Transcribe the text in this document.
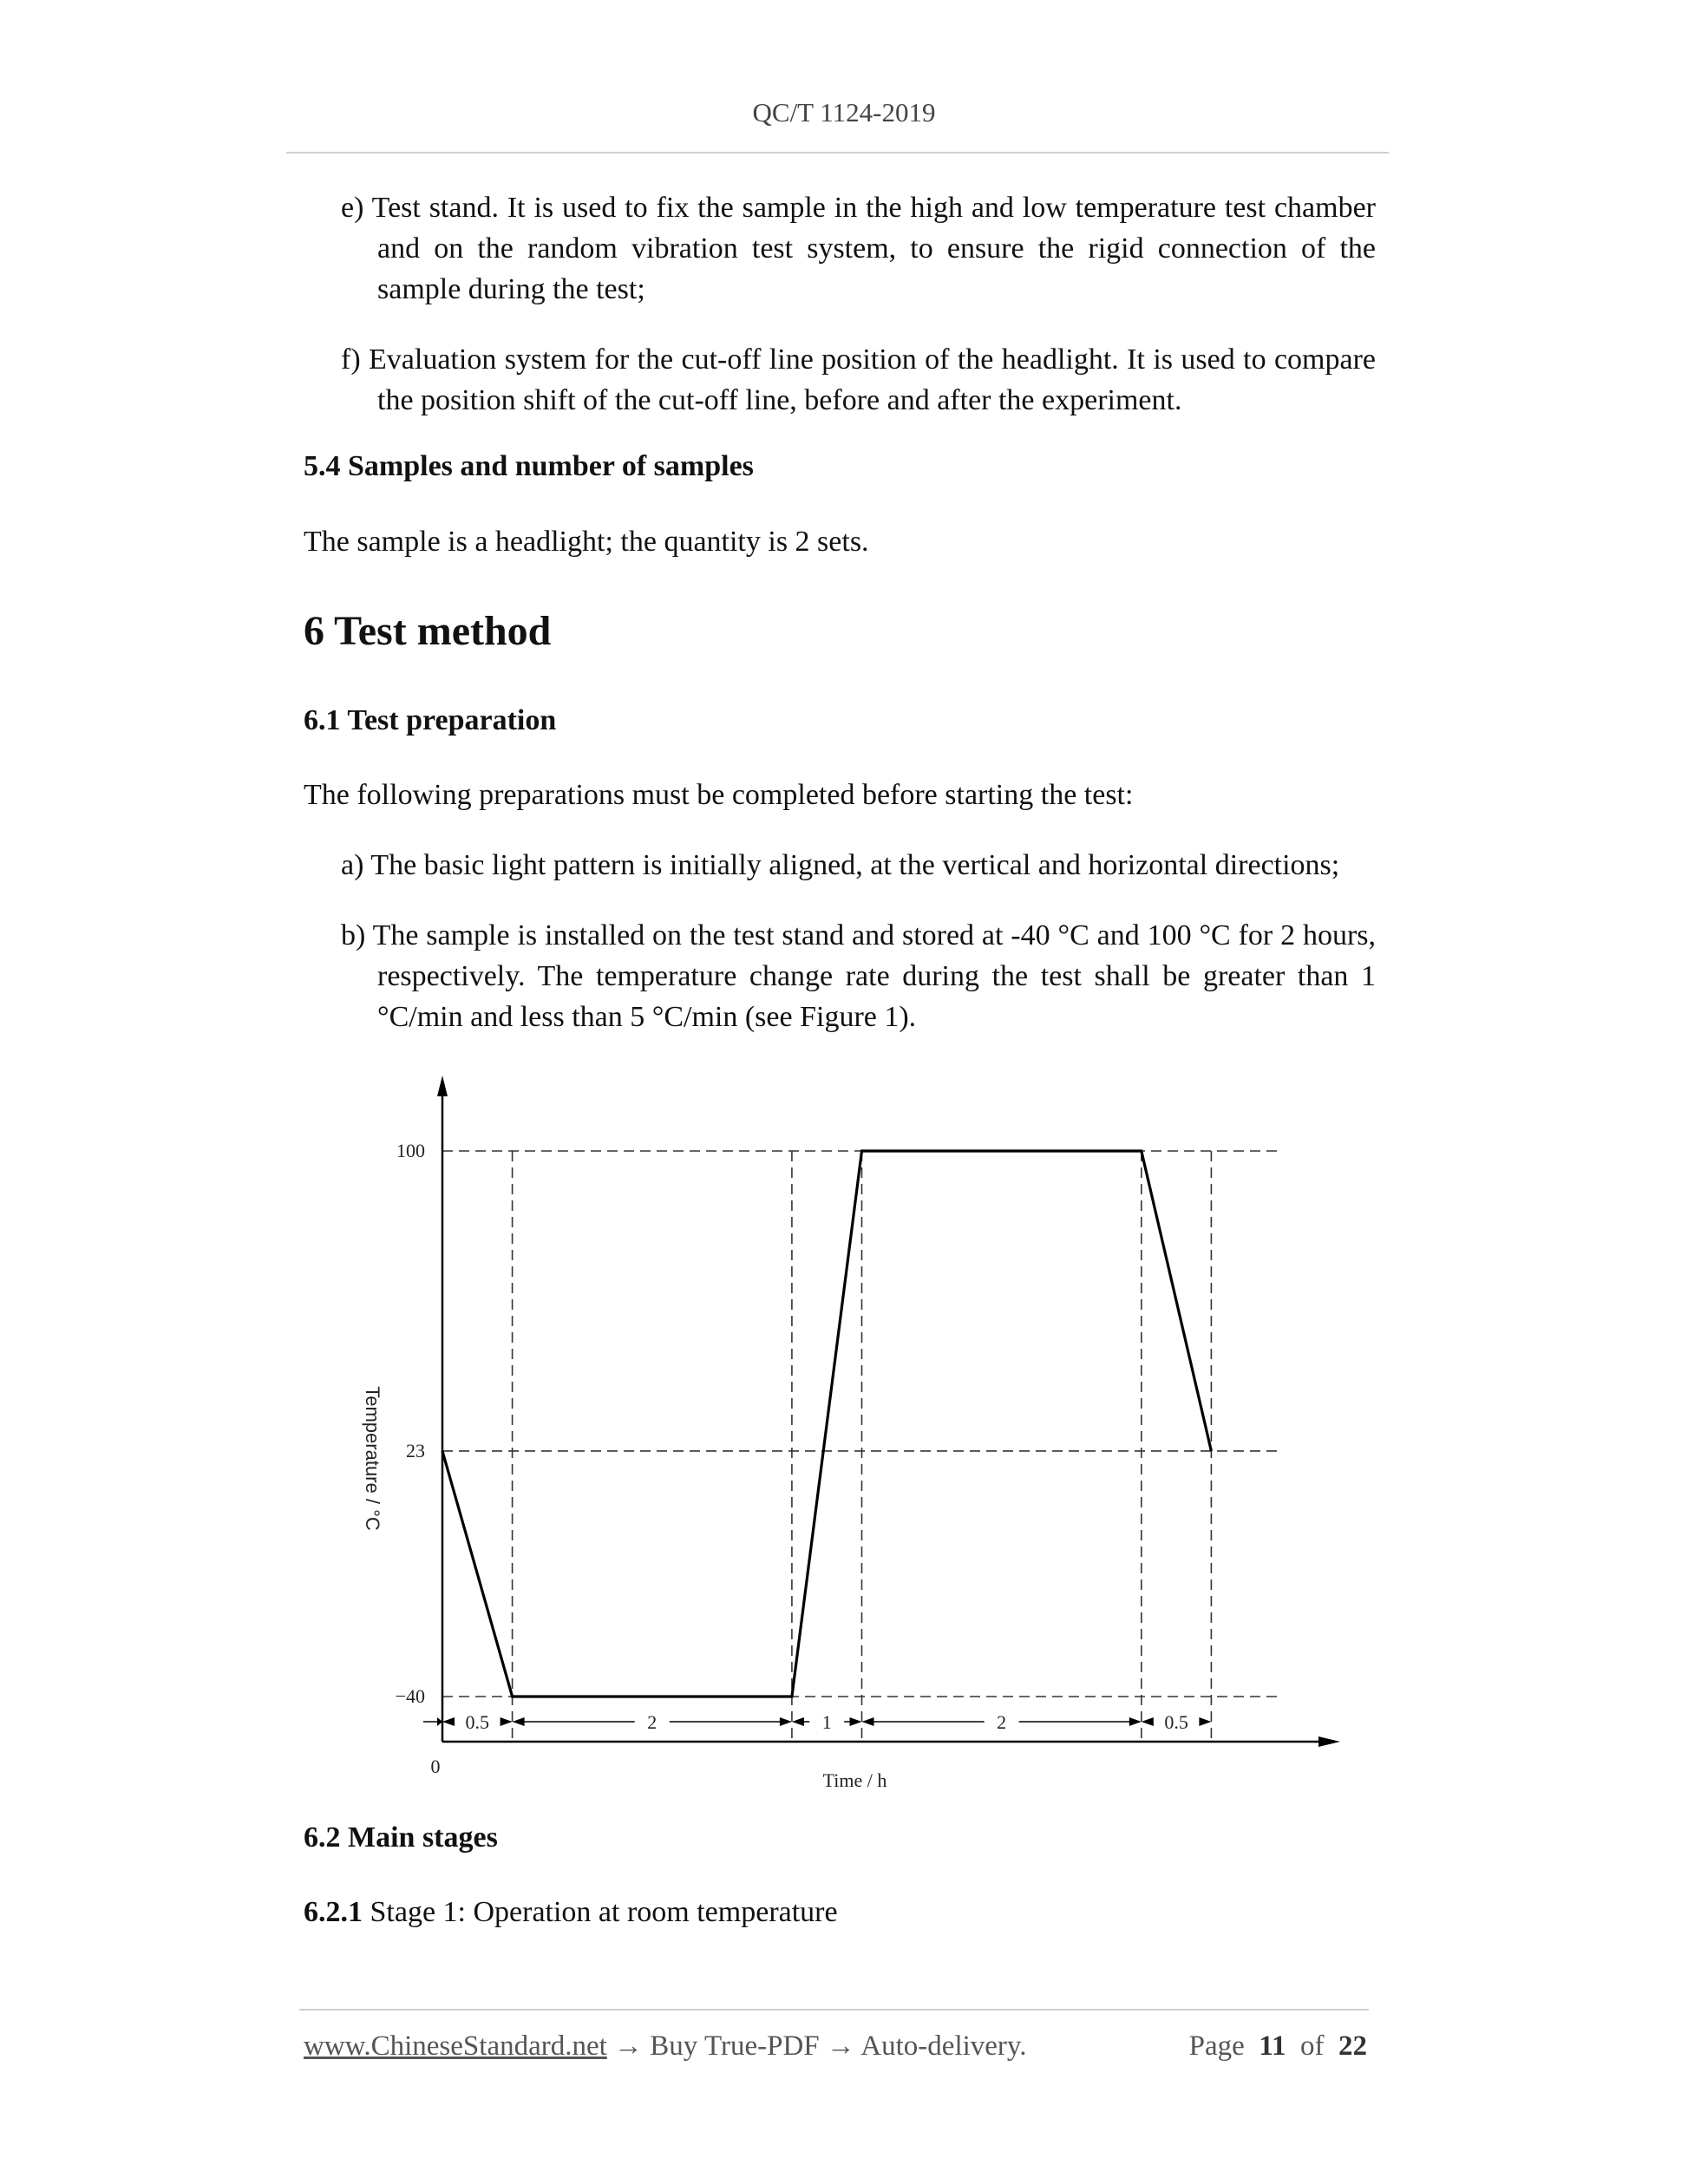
QC/T 1124-2019
e) Test stand. It is used to fix the sample in the high and low temperature test chamber and on the random vibration test system, to ensure the rigid connection of the sample during the test;
f) Evaluation system for the cut-off line position of the headlight. It is used to compare the position shift of the cut-off line, before and after the experiment.
5.4 Samples and number of samples
The sample is a headlight; the quantity is 2 sets.
6 Test method
6.1 Test preparation
The following preparations must be completed before starting the test:
a) The basic light pattern is initially aligned, at the vertical and horizontal directions;
b) The sample is installed on the test stand and stored at -40 °C and 100 °C for 2 hours, respectively. The temperature change rate during the test shall be greater than 1 °C/min and less than 5 °C/min (see Figure 1).
100
23
−40
0
Temperature / °C
Time / h
0.5	2	1	2	0.5
6.2 Main stages
6.2.1 Stage 1: Operation at room temperature
www.ChineseStandard.net → Buy True-PDF → Auto-delivery.	Page 11 of 22
